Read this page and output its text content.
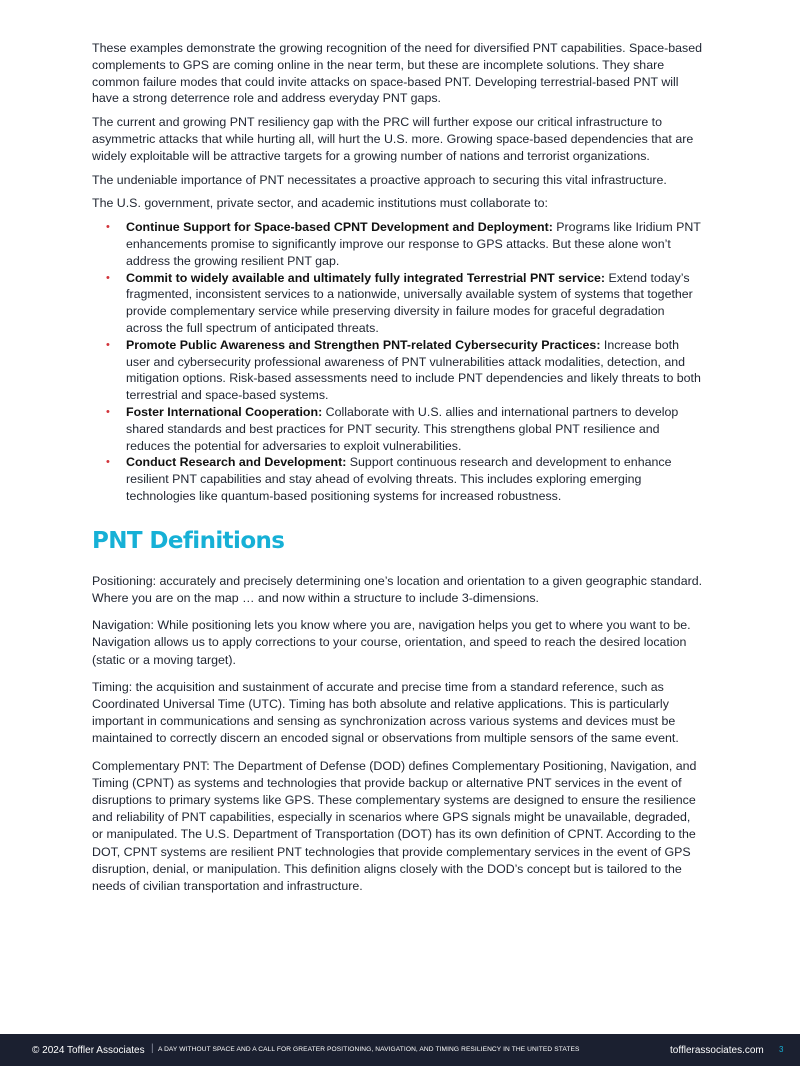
These examples demonstrate the growing recognition of the need for diversified PNT capabilities. Space-based complements to GPS are coming online in the near term, but these are incomplete solutions. They share common failure modes that could invite attacks on space-based PNT. Developing terrestrial-based PNT will have a strong deterrence role and address everyday PNT gaps.

The current and growing PNT resiliency gap with the PRC will further expose our critical infrastructure to asymmetric attacks that while hurting all, will hurt the U.S. more. Growing space-based dependencies that are widely exploitable will be attractive targets for a growing number of nations and terrorist organizations.

The undeniable importance of PNT necessitates a proactive approach to securing this vital infrastructure.

The U.S. government, private sector, and academic institutions must collaborate to:

• Continue Support for Space-based CPNT Development and Deployment: Programs like Iridium PNT enhancements promise to significantly improve our response to GPS attacks. But these alone won’t address the growing resilient PNT gap.
• Commit to widely available and ultimately fully integrated Terrestrial PNT service: Extend today’s fragmented, inconsistent services to a nationwide, universally available system of systems that together provide complementary service while preserving diversity in failure modes for graceful degradation across the full spectrum of anticipated threats.
• Promote Public Awareness and Strengthen PNT-related Cybersecurity Practices: Increase both user and cybersecurity professional awareness of PNT vulnerabilities attack modalities, detection, and mitigation options. Risk-based assessments need to include PNT dependencies and likely threats to both terrestrial and space-based systems.
• Foster International Cooperation: Collaborate with U.S. allies and international partners to develop shared standards and best practices for PNT security. This strengthens global PNT resilience and reduces the potential for adversaries to exploit vulnerabilities.
• Conduct Research and Development: Support continuous research and development to enhance resilient PNT capabilities and stay ahead of evolving threats. This includes exploring emerging technologies like quantum-based positioning systems for increased robustness.
PNT Definitions

Positioning: accurately and precisely determining one’s location and orientation to a given geographic standard. Where you are on the map … and now within a structure to include 3-dimensions.

Navigation: While positioning lets you know where you are, navigation helps you get to where you want to be. Navigation allows us to apply corrections to your course, orientation, and speed to reach the desired location (static or a moving target).

Timing: the acquisition and sustainment of accurate and precise time from a standard reference, such as Coordinated Universal Time (UTC). Timing has both absolute and relative applications. This is particularly important in communications and sensing as synchronization across various systems and devices must be maintained to correctly discern an encoded signal or observations from multiple sensors of the same event.

Complementary PNT: The Department of Defense (DOD) defines Complementary Positioning, Navigation, and Timing (CPNT) as systems and technologies that provide backup or alternative PNT services in the event of disruptions to primary systems like GPS. These complementary systems are designed to ensure the resilience and reliability of PNT capabilities, especially in scenarios where GPS signals might be unavailable, degraded, or manipulated. The U.S. Department of Transportation (DOT) has its own definition of CPNT. According to the DOT, CPNT systems are resilient PNT technologies that provide complementary services in the event of GPS disruption, denial, or manipulation. This definition aligns closely with the DOD’s concept but is tailored to the needs of civilian transportation and infrastructure.

© 2024 Toffler Associates | A DAY WITHOUT SPACE AND A CALL FOR GREATER POSITIONING, NAVIGATION, AND TIMING RESILIENCY IN THE UNITED STATES	tofflerassociates.com 3
